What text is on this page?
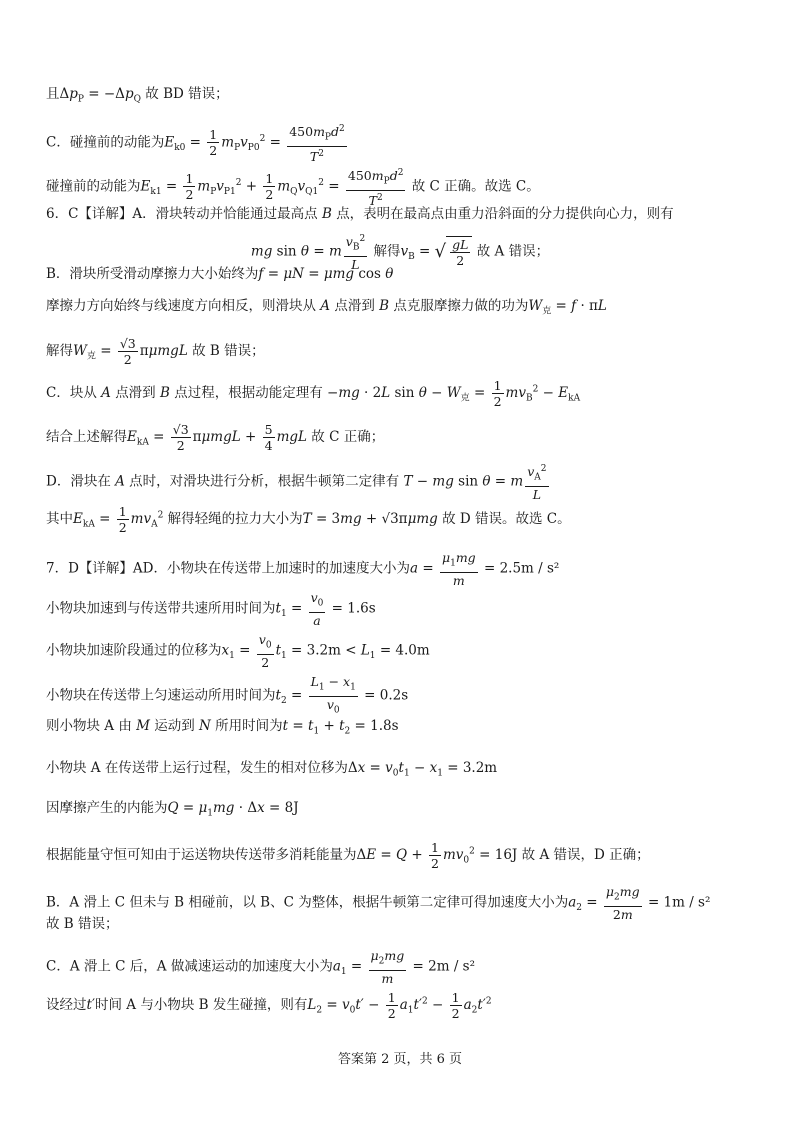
且$\Delta p_P = -\Delta p_Q$ 故 BD 错误；
C．碰撞前的动能为$E_{k0} = \frac{1}{2} m_Pv_{P0}^2 = \frac{450m_Pd^2}{T^2}$
碰撞前的动能为$E_{k1} = \frac{1}{2} m_Pv_{P1}^2 + \frac{1}{2} m_Qv_{Q1}^2 = \frac{450m_Pd^2}{T^2}$ 故 C 正确。故选 C。
6．C【详解】A．滑块转动并恰能通过最高点 B 点，表明在最高点由重力沿斜面的分力提供向心力，则有
mg sin θ = m $\frac{v_B^2}{L}$ 解得$v_B$ = √ $\frac{gL}{2}$ 故 A 错误；
B．滑块所受滑动摩擦力大小始终为f = μN = μmg cos θ
摩擦力方向始终与线速度方向相反，则滑块从 A 点滑到 B 点克服摩擦力做的功为$W_克 = f \cdot \pi L$
解得$W_克 = \frac{√3}{2}$ πμmgL 故 B 错误；
C．块从 A 点滑到 B 点过程，根据动能定理有 −mg · 2L $\sin \theta - W_克 = \frac{1}{2} mv_B^2 - E_{kA}$
结合上述解得$E_{kA} = \frac{√3}{2}$ $\pi\mu mgL + \frac{5}{4}$ mgL 故 C 正确；
D．滑块在 A 点时，对滑块进行分析，根据牛顿第二定律有 T − mg sin θ = m $\frac{v_A^2}{L}$
其中$E_{kA} = \frac{1}{2} mv_A^2$ 解得轻绳的拉力大小为T = 3mg + √3πμmg 故 D 错误。故选 C。
7．D【详解】AD．小物块在传送带上加速时的加速度大小为$a = \frac{\mu_1mg}{m} = 2.5m / s^2$
小物块加速到与传送带共速所用时间为$t_1 = \frac{v_0}{a} = 1.6s$
小物块加速阶段通过的位移为$x_1 = \frac{v_0}{2} t_1 = 3.2m < L_1 = 4.0m$
小物块在传送带上匀速运动所用时间为$t_2 = \frac{L_1 - x_1}{v_0} = 0.2s$
则小物块 A 由 M 运动到 N 所用时间为$t = t_1 + t_2 = 1.8s$
小物块 A 在传送带上运行过程，发生的相对位移为$\Delta x = v_0t_1 - x_1 = 3.2m$
因摩擦产生的内能为$Q = \mu_1mg \cdot \Delta x = 8J$
根据能量守恒可知由于运送物块传送带多消耗能量为$\Delta E = Q + \frac{1}{2} mv_0^2 = 16J$ 故 A 错误，D 正确；
B．A 滑上 C 但未与 B 相碰前，以 B、C 为整体，根据牛顿第二定律可得加速度大小为$a_2 = \frac{\mu_2mg}{2m} = 1m / s^2$
故 B 错误；
C．A 滑上 C 后，A 做减速运动的加速度大小为$a_1 = \frac{\mu_2mg}{m} = 2m / s^2$
设经过t′时间 A 与小物块 B 发生碰撞，则有$L_2 = v_0t' - \frac{1}{2} a_1t'^2 - \frac{1}{2} a_2t'^2$
答案第 2 页，共 6 页
